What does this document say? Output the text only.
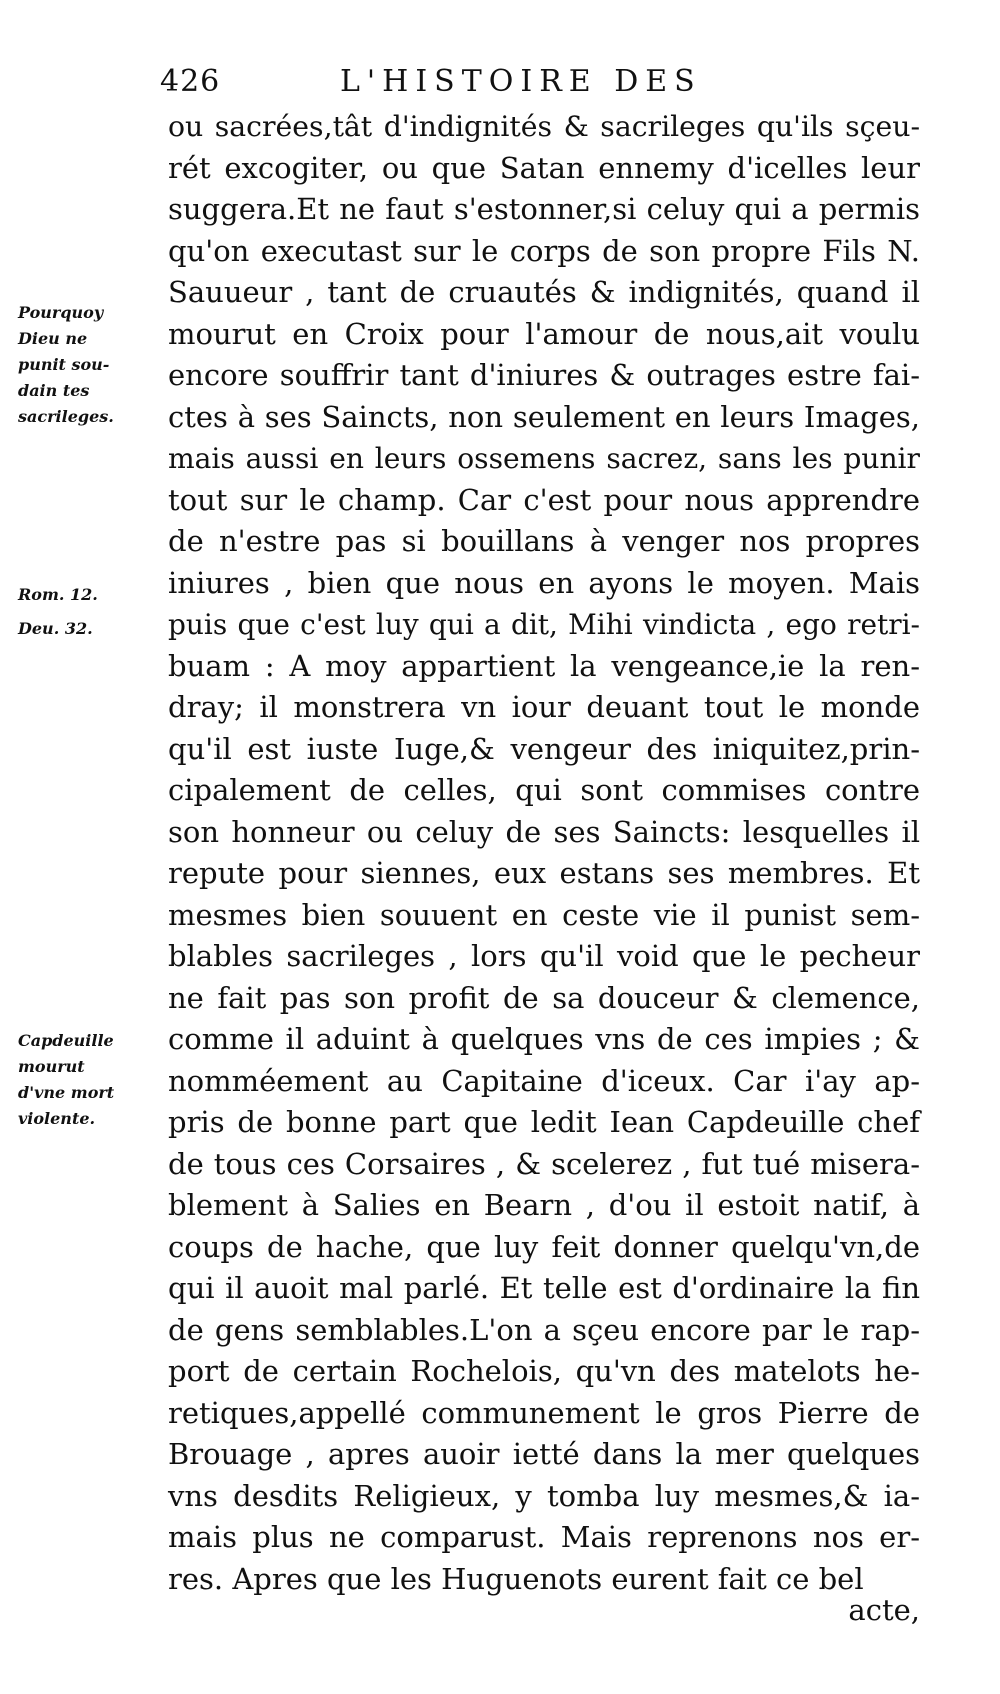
426	L'HISTOIRE DES
Pourquoy
Dieu ne
punit sou-
dain tes
sacrileges.
Rom. 12.
Deu. 32.
Capdeuille
mourut
d'vne mort
violente.
ou sacrées,tât d'indignités & sacrileges qu'ils sçeu-
rét excogiter, ou que Satan ennemy d'icelles leur
suggera.Et ne faut s'estonner,si celuy qui a permis
qu'on executast sur le corps de son propre Fils N.
Sauueur , tant de cruautés & indignités, quand il
mourut en Croix pour l'amour de nous,ait voulu
encore souffrir tant d'iniures & outrages estre fai-
ctes à ses Saincts, non seulement en leurs Images,
mais aussi en leurs ossemens sacrez, sans les punir
tout sur le champ. Car c'est pour nous apprendre
de n'estre pas si bouillans à venger nos propres
iniures , bien que nous en ayons le moyen. Mais
puis que c'est luy qui a dit, Mihi vindicta , ego retri-
buam : A moy appartient la vengeance,ie la ren-
dray; il monstrera vn iour deuant tout le monde
qu'il est iuste Iuge,& vengeur des iniquitez,prin-
cipalement de celles, qui sont commises contre
son honneur ou celuy de ses Saincts: lesquelles il
repute pour siennes, eux estans ses membres. Et
mesmes bien souuent en ceste vie il punist sem-
blables sacrileges , lors qu'il void que le pecheur
ne fait pas son profit de sa douceur & clemence,
comme il aduint à quelques vns de ces impies ; &
nomméement au Capitaine d'iceux. Car i'ay ap-
pris de bonne part que ledit Iean Capdeuille chef
de tous ces Corsaires , & scelerez , fut tué misera-
blement à Salies en Bearn , d'ou il estoit natif, à
coups de hache, que luy feit donner quelqu'vn,de
qui il auoit mal parlé. Et telle est d'ordinaire la fin
de gens semblables.L'on a sçeu encore par le rap-
port de certain Rochelois, qu'vn des matelots he-
retiques,appellé communement le gros Pierre de
Brouage , apres auoir ietté dans la mer quelques
vns desdits Religieux, y tomba luy mesmes,& ia-
mais plus ne comparust. Mais reprenons nos er-
res. Apres que les Huguenots eurent fait ce bel
acte,
